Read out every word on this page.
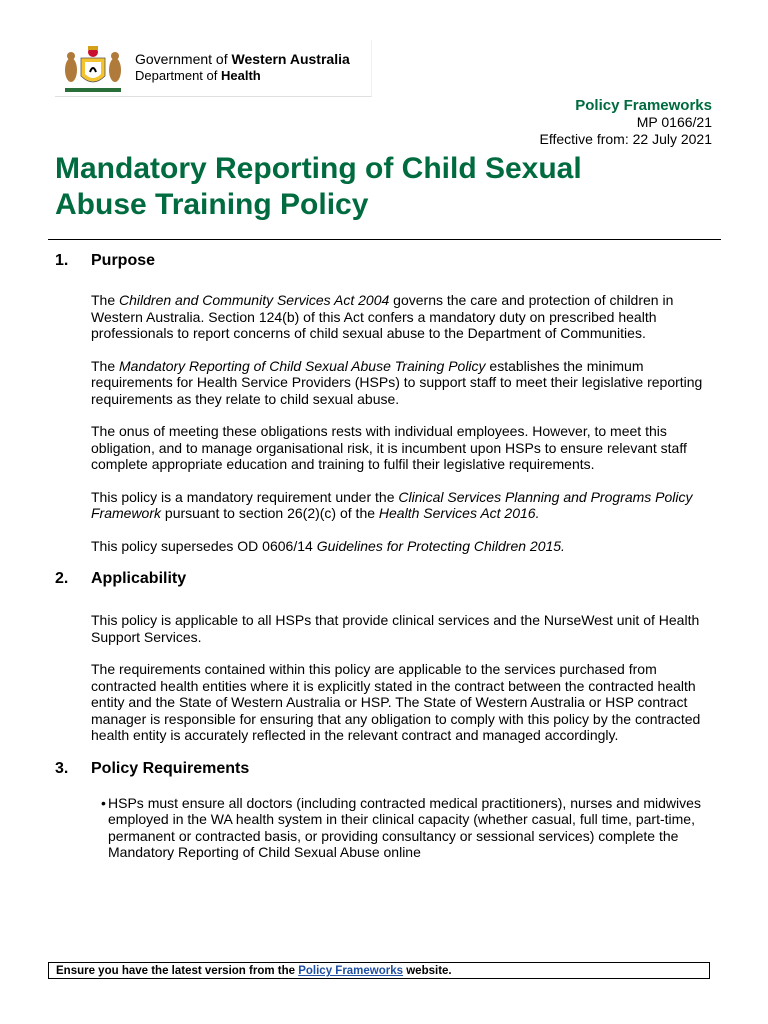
Government of Western Australia
Department of Health
Policy Frameworks
MP 0166/21
Effective from: 22 July 2021
Mandatory Reporting of Child Sexual
Abuse Training Policy
1.	Purpose

The Children and Community Services Act 2004 governs the care and protection of children in Western Australia. Section 124(b) of this Act confers a mandatory duty on prescribed health professionals to report concerns of child sexual abuse to the Department of Communities.

The Mandatory Reporting of Child Sexual Abuse Training Policy establishes the minimum requirements for Health Service Providers (HSPs) to support staff to meet their legislative reporting requirements as they relate to child sexual abuse.

The onus of meeting these obligations rests with individual employees. However, to meet this obligation, and to manage organisational risk, it is incumbent upon HSPs to ensure relevant staff complete appropriate education and training to fulfil their legislative requirements.

This policy is a mandatory requirement under the Clinical Services Planning and Programs Policy Framework pursuant to section 26(2)(c) of the Health Services Act 2016.

This policy supersedes OD 0606/14 Guidelines for Protecting Children 2015.

2.	Applicability

This policy is applicable to all HSPs that provide clinical services and the NurseWest unit of Health Support Services.

The requirements contained within this policy are applicable to the services purchased from contracted health entities where it is explicitly stated in the contract between the contracted health entity and the State of Western Australia or HSP. The State of Western Australia or HSP contract manager is responsible for ensuring that any obligation to comply with this policy by the contracted health entity is accurately reflected in the relevant contract and managed accordingly.

3.	Policy Requirements
• HSPs must ensure all doctors (including contracted medical practitioners), nurses and midwives employed in the WA health system in their clinical capacity (whether casual, full time, part-time, permanent or contracted basis, or providing consultancy or sessional services) complete the Mandatory Reporting of Child Sexual Abuse online
Ensure you have the latest version from the Policy Frameworks website.
